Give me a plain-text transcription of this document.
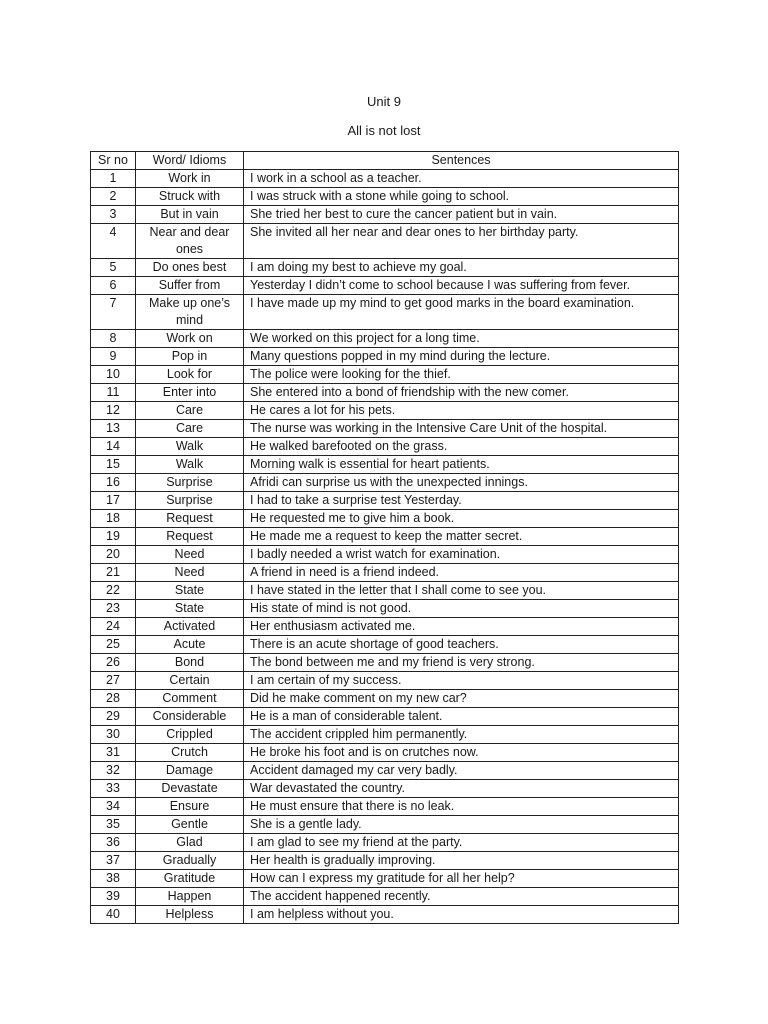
Unit 9
All is not lost
Sr no	Word/ Idioms	Sentences
1	Work in	I work in a school as a teacher.
2	Struck with	I was struck with a stone while going to school.
3	But in vain	She tried her best to cure the cancer patient but in vain.
4	Near and dear ones	She invited all her near and dear ones to her birthday party.
5	Do ones best	I am doing my best to achieve my goal.
6	Suffer from	Yesterday I didn’t come to school because I was suffering from fever.
7	Make up one’s mind	I have made up my mind to get good marks in the board examination.
8	Work on	We worked on this project for a long time.
9	Pop in	Many questions popped in my mind during the lecture.
10	Look for	The police were looking for the thief.
11	Enter into	She entered into a bond of friendship with the new comer.
12	Care	He cares a lot for his pets.
13	Care	The nurse was working in the Intensive Care Unit of the hospital.
14	Walk	He walked barefooted on the grass.
15	Walk	Morning walk is essential for heart patients.
16	Surprise	Afridi can surprise us with the unexpected innings.
17	Surprise	I had to take a surprise test Yesterday.
18	Request	He requested me to give him a book.
19	Request	He made me a request to keep the matter secret.
20	Need	I badly needed a wrist watch for examination.
21	Need	A friend in need is a friend indeed.
22	State	I have stated in the letter that I shall come to see you.
23	State	His state of mind is not good.
24	Activated	Her enthusiasm activated me.
25	Acute	There is an acute shortage of good teachers.
26	Bond	The bond between me and my friend is very strong.
27	Certain	I am certain of my success.
28	Comment	Did he make comment on my new car?
29	Considerable	He is a man of considerable talent.
30	Crippled	The accident crippled him permanently.
31	Crutch	He broke his foot and is on crutches now.
32	Damage	Accident damaged my car very badly.
33	Devastate	War devastated the country.
34	Ensure	He must ensure that there is no leak.
35	Gentle	She is a gentle lady.
36	Glad	I am glad to see my friend at the party.
37	Gradually	Her health is gradually improving.
38	Gratitude	How can I express my gratitude for all her help?
39	Happen	The accident happened recently.
40	Helpless	I am helpless without you.
